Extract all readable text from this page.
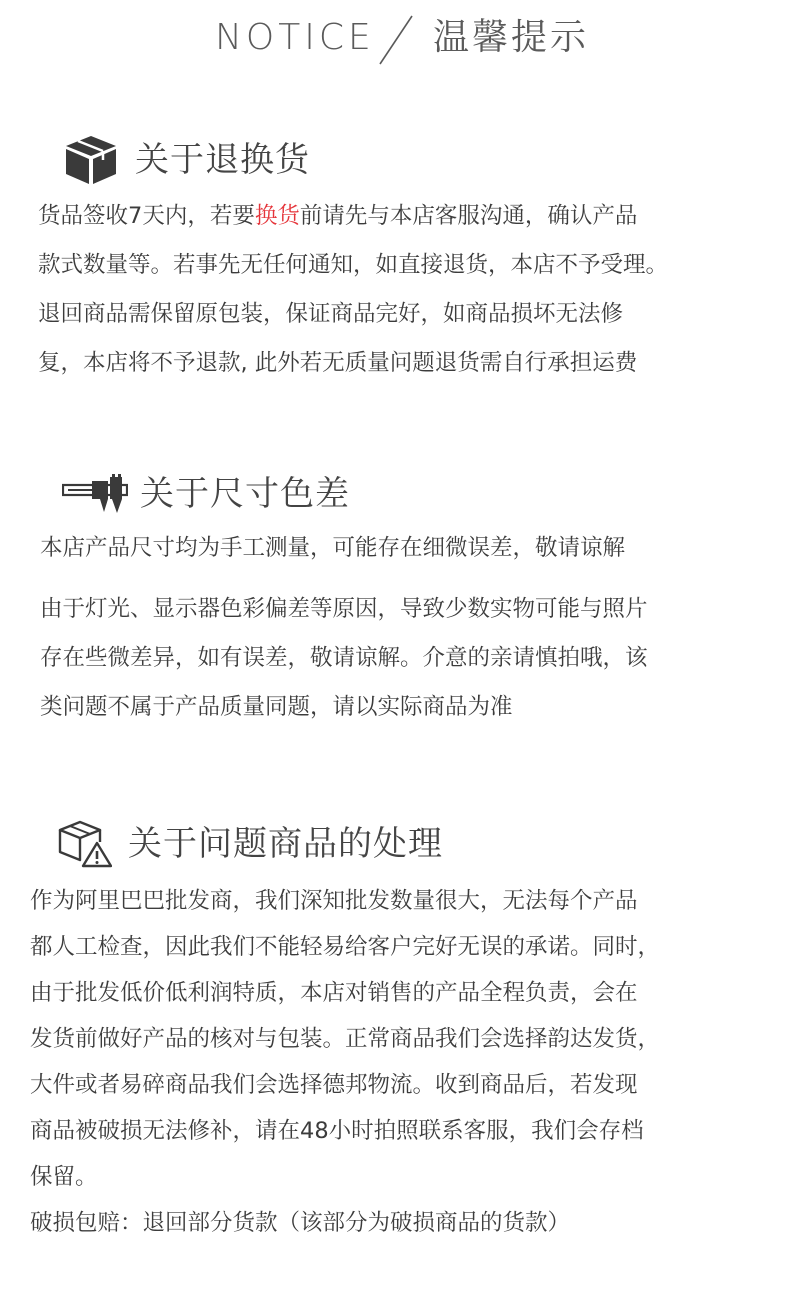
NOTICE 温馨提示
关于退换货
货品签收7天内，若要换货前请先与本店客服沟通，确认产品
款式数量等。若事先无任何通知，如直接退货，本店不予受理。
退回商品需保留原包装，保证商品完好，如商品损坏无法修
复，本店将不予退款, 此外若无质量问题退货需自行承担运费
关于尺寸色差
本店产品尺寸均为手工测量，可能存在细微误差，敬请谅解
由于灯光、显示器色彩偏差等原因，导致少数实物可能与照片
存在些微差异，如有误差，敬请谅解。介意的亲请慎拍哦，该
类问题不属于产品质量同题，请以实际商品为准
关于问题商品的处理
作为阿里巴巴批发商，我们深知批发数量很大，无法每个产品
都人工检查，因此我们不能轻易给客户完好无误的承诺。同时，
由于批发低价低利润特质，本店对销售的产品全程负责，会在
发货前做好产品的核对与包装。正常商品我们会选择韵达发货，
大件或者易碎商品我们会选择德邦物流。收到商品后，若发现
商品被破损无法修补，请在48小时拍照联系客服，我们会存档
保留。
破损包赔：退回部分货款（该部分为破损商品的货款）
